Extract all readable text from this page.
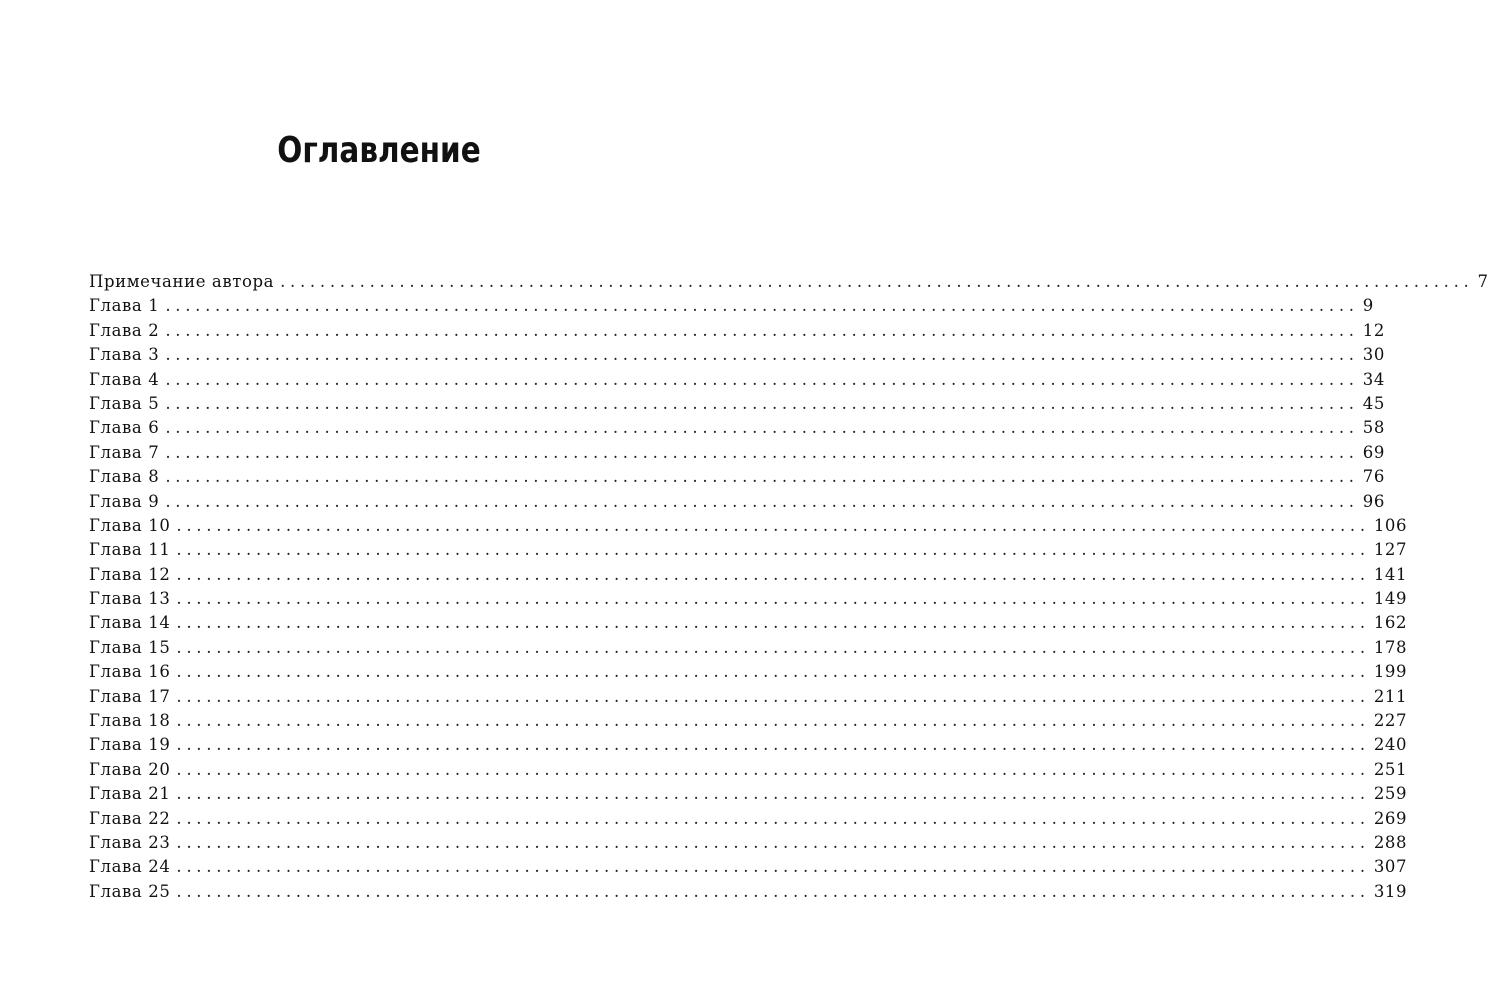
Оглавление
Примечание автора ........................................................................................................................ 7
Глава 1 ........................................................................................................................ 9
Глава 2 ........................................................................................................................ 12
Глава 3 ........................................................................................................................ 30
Глава 4 ........................................................................................................................ 34
Глава 5 ........................................................................................................................ 45
Глава 6 ........................................................................................................................ 58
Глава 7 ........................................................................................................................ 69
Глава 8 ........................................................................................................................ 76
Глава 9 ........................................................................................................................ 96
Глава 10 ........................................................................................................................ 106
Глава 11 ........................................................................................................................ 127
Глава 12 ........................................................................................................................ 141
Глава 13 ........................................................................................................................ 149
Глава 14 ........................................................................................................................ 162
Глава 15 ........................................................................................................................ 178
Глава 16 ........................................................................................................................ 199
Глава 17 ........................................................................................................................ 211
Глава 18 ........................................................................................................................ 227
Глава 19 ........................................................................................................................ 240
Глава 20 ........................................................................................................................ 251
Глава 21 ........................................................................................................................ 259
Глава 22 ........................................................................................................................ 269
Глава 23 ........................................................................................................................ 288
Глава 24 ........................................................................................................................ 307
Глава 25 ........................................................................................................................ 319
